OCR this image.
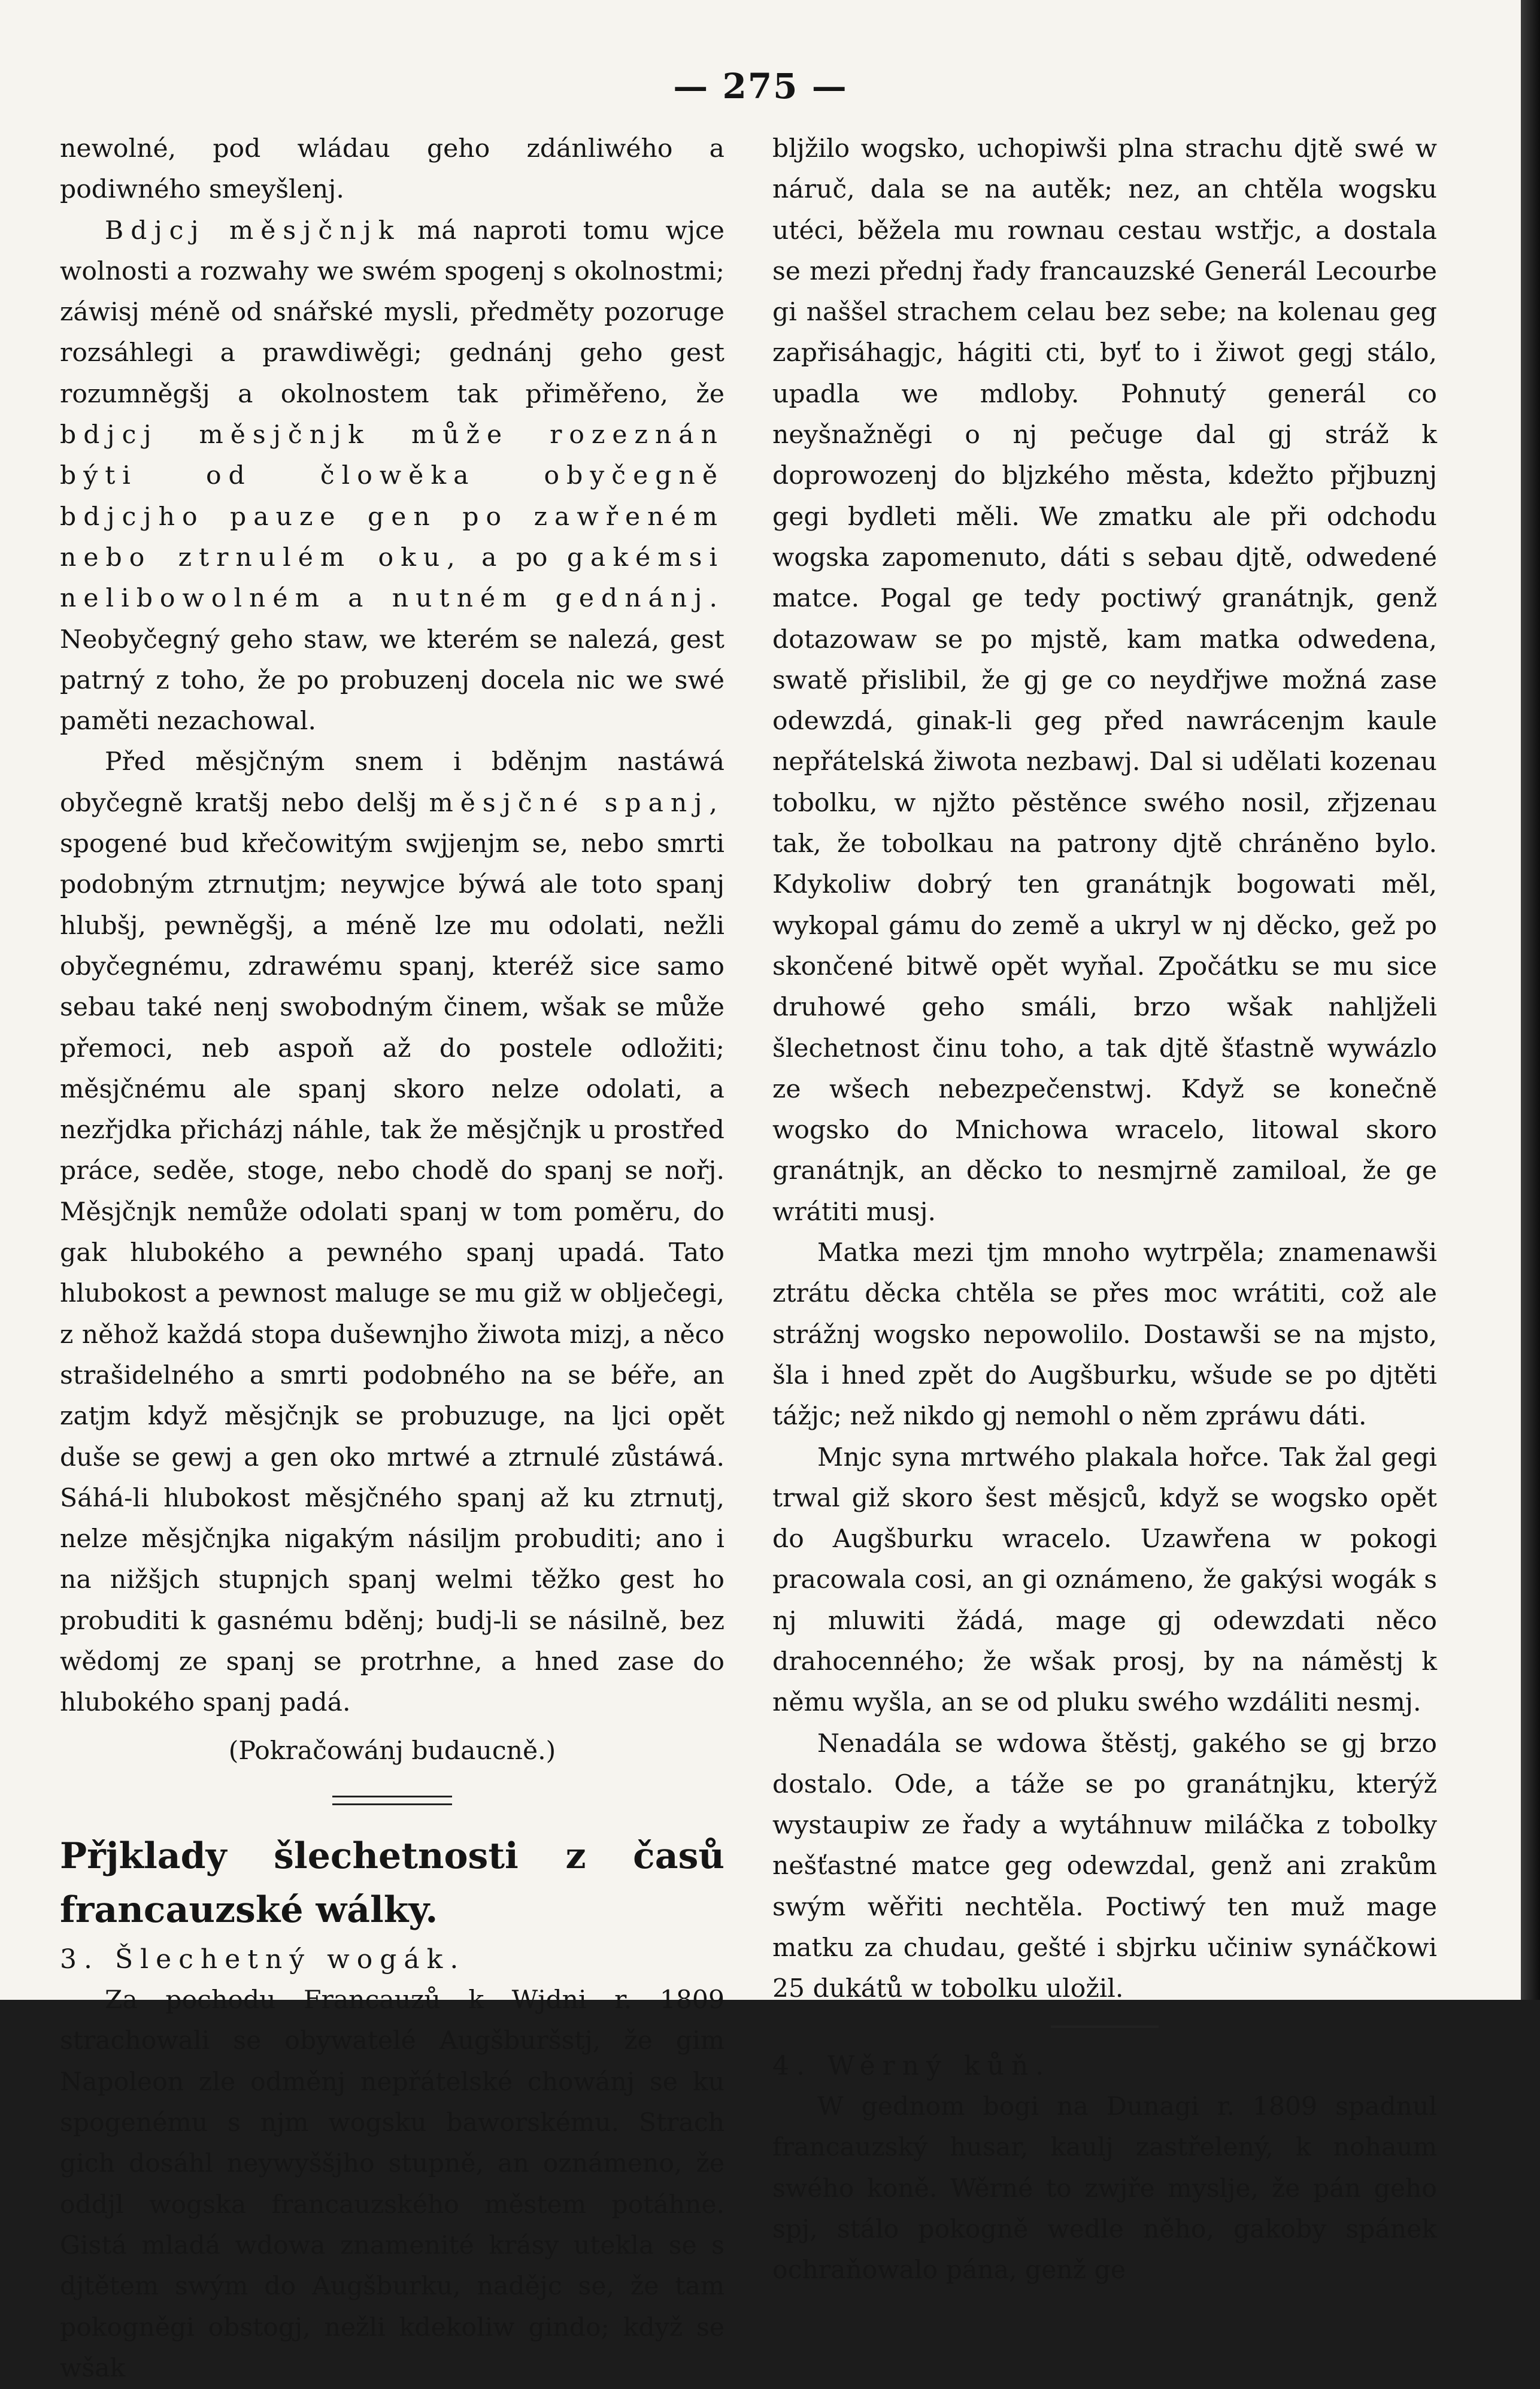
— 275 —

newolné, pod wládau geho zdánliwého a podiwného smeyšlenj.

Bdjcj měsjčnjk má naproti tomu wjce wolnosti a rozwahy we swém spogenj s okolnostmi; záwisj méně od snářské mysli, předměty pozoruge rozsáhlegi a prawdiwěgi; gednánj geho gest rozumněgšj a okolnostem tak přiměřeno, že bdjcj měsjčnjk může rozeznán býti od člowěka obyčegně bdjcjho pauze gen po zawřeném nebo ztrnulém oku, a po gakémsi nelibowolném a nutném gednánj. Neobyčegný geho staw, we kterém se nalezá, gest patrný z toho, že po probuzenj docela nic we swé paměti nezachowal.

Před měsjčným snem i bděnjm nastáwá obyčegně kratšj nebo delšj měsjčné spanj, spogené bud křečowitým swjjenjm se, nebo smrti podobným ztrnutjm; neywjce býwá ale toto spanj hlubšj, pewněgšj, a méně lze mu odolati, nežli obyčegnému, zdrawému spanj, kteréž sice samo sebau také nenj swobodným činem, wšak se může přemoci, neb aspoň až do postele odložiti; měsjčnému ale spanj skoro nelze odolati, a nezřjdka přicházj náhle, tak že měsjčnjk u prostřed práce, seděe, stoge, nebo chodě do spanj se nořj. Měsjčnjk nemůže odolati spanj w tom poměru, do gak hlubokého a pewného spanj upadá. Tato hlubokost a pewnost maluge se mu giž w oblječegi, z něhož každá stopa dušewnjho žiwota mizj, a něco strašidelného a smrti podobného na se béře, an zatjm když měsjčnjk se probuzuge, na ljci opět duše se gewj a gen oko mrtwé a ztrnulé zůstáwá. Sáhá-li hlubokost měsjčného spanj až ku ztrnutj, nelze měsjčnjka nigakým násiljm probuditi; ano i na nižšjch stupnjch spanj welmi těžko gest ho probuditi k gasnému bděnj; budj-li se násilně, bez wědomj ze spanj se protrhne, a hned zase do hlubokého spanj padá.

(Pokračowánj budaucně.)

Přjklady šlechetnosti z časů francauzské wálky.

3. Šlechetný wogák.

Za pochodu Francauzů k Wjdni r. 1809 strachowali se obywatelé Augšburšstj, že gim Napoleon zle odměnj nepřátelské chowánj se ku spogenému s njm wogsku baworskému. Strach gich dosáhl neywyššjho stupně, an oznámeno, že oddjl wogska francauzského městem potáhne. Gistá mladá wdowa znamenité krásy utekla se s djtětem swým do Augšburku, nadějc se, že tam pokogněgi obstogj, nežli kdekoliw gindo; když se wšak

bljžilo wogsko, uchopiwši plna strachu djtě swé w náruč, dala se na autěk; nez, an chtěla wogsku utéci, běžela mu rownau cestau wstřjc, a dostala se mezi přednj řady francauzské Generál Lecourbe gi naššel strachem celau bez sebe; na kolenau geg zapřisáhagjc, hágiti cti, byť to i žiwot gegj stálo, upadla we mdloby. Pohnutý generál co neyšnažněgi o nj pečuge dal gj stráž k doprowozenj do bljzkého města, kdežto přjbuznj gegi bydleti měli. We zmatku ale při odchodu wogska zapomenuto, dáti s sebau djtě, odwedené matce. Pogal ge tedy poctiwý granátnjk, genž dotazowaw se po mjstě, kam matka odwedena, swatě přislibil, že gj ge co neydřjwe možná zase odewzdá, ginak-li geg před nawrácenjm kaule nepřátelská žiwota nezbawj. Dal si udělati kozenau tobolku, w njžto pěstěnce swého nosil, zřjzenau tak, že tobolkau na patrony djtě chráněno bylo. Kdykoliw dobrý ten granátnjk bogowati měl, wykopal gámu do země a ukryl w nj děcko, gež po skončené bitwě opět wyňal. Zpočátku se mu sice druhowé geho smáli, brzo wšak nahljželi šlechetnost činu toho, a tak djtě šťastně wywázlo ze wšech nebezpečenstwj. Když se konečně wogsko do Mnichowa wracelo, litowal skoro granátnjk, an děcko to nesmjrně zamiloal, že ge wrátiti musj.

Matka mezi tjm mnoho wytrpěla; znamenawši ztrátu děcka chtěla se přes moc wrátiti, což ale strážnj wogsko nepowolilo. Dostawši se na mjsto, šla i hned zpět do Augšburku, wšude se po djtěti tážjc; než nikdo gj nemohl o něm zpráwu dáti.

Mnjc syna mrtwého plakala hořce. Tak žal gegi trwal giž skoro šest měsjců, když se wogsko opět do Augšburku wracelo. Uzawřena w pokogi pracowala cosi, an gi oznámeno, že gakýsi wogák s nj mluwiti žádá, mage gj odewzdati něco drahocenného; že wšak prosj, by na náměstj k němu wyšla, an se od pluku swého wzdáliti nesmj.

Nenadála se wdowa štěstj, gakého se gj brzo dostalo. Ode, a táže se po granátnjku, kterýž wystaupiw ze řady a wytáhnuw miláčka z tobolky nešťastné matce geg odewzdal, genž ani zrakům swým wěřiti nechtěla. Poctiwý ten muž mage matku za chudau, gešté i sbjrku učiniw synáčkowi 25 dukátů w tobolku uložil.

4. Wěrný kůň.

W gednom bogi na Dunagi r. 1809 spadnul francauzský husar, kaulj zastřelený, k nohaum swého koně. Wěrné to zwjře myslje, že pán geho spj, stálo pokogně wedle něho, gakoby spánek ochraňowalo pána, genž ge
